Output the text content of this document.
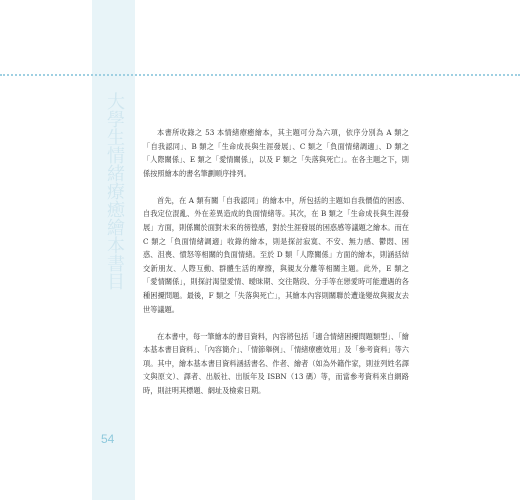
大學生情緒療癒繪本書目	本書所收錄之 53 本情緒療癒繪本，其主題可分為六項，依序分別為 A 類之「自我認同」、B 類之「生命成長與生涯發展」、C 類之「負面情緒調適」、D 類之「人際關係」、E 類之「愛情關係」，以及 F 類之「失落與死亡」。在各主題之下，則係按照繪本的書名筆劃順序排列。

首先，在 A 類有關「自我認同」的繪本中，所包括的主題如自我價值的困惑、自我定位混亂、外在差異造成的負面情緒等。其次，在 B 類之「生命成長與生涯發展」方面，則係關於面對未來的徬徨感，對於生涯發展的困惑感等議題之繪本。而在 C 類之「負面情緒調適」收錄的繪本，則是探討寂寞、不安、無力感、鬱悶、困惑、沮喪、憤怒等相關的負面情緒。至於 D 類「人際關係」方面的繪本，則涵括結交新朋友、人際互動、群體生活的摩擦，與親友分離等相關主題。此外，E 類之「愛情關係」，則探討渴望愛情、曖昧期、交往階段、分手等在戀愛時可能遭遇的各種困擾問題。最後，F 類之「失落與死亡」，其繪本內容則關聯於遭逢變故與親友去世等議題。

在本書中，每一筆繪本的書目資料，內容將包括「適合情緒困擾問題類型」、「繪本基本書目資料」、「內容簡介」、「情節舉例」、「情緒療癒效用」及「參考資料」等六項。其中，繪本基本書目資料涵括書名、作者、繪者（如為外籍作家，則並列姓名譯文與原文）、譯者、出版社、出版年及 ISBN（13 碼）等，而當參考資料來自網路時，則註明其標題、網址及檢索日期。

54
